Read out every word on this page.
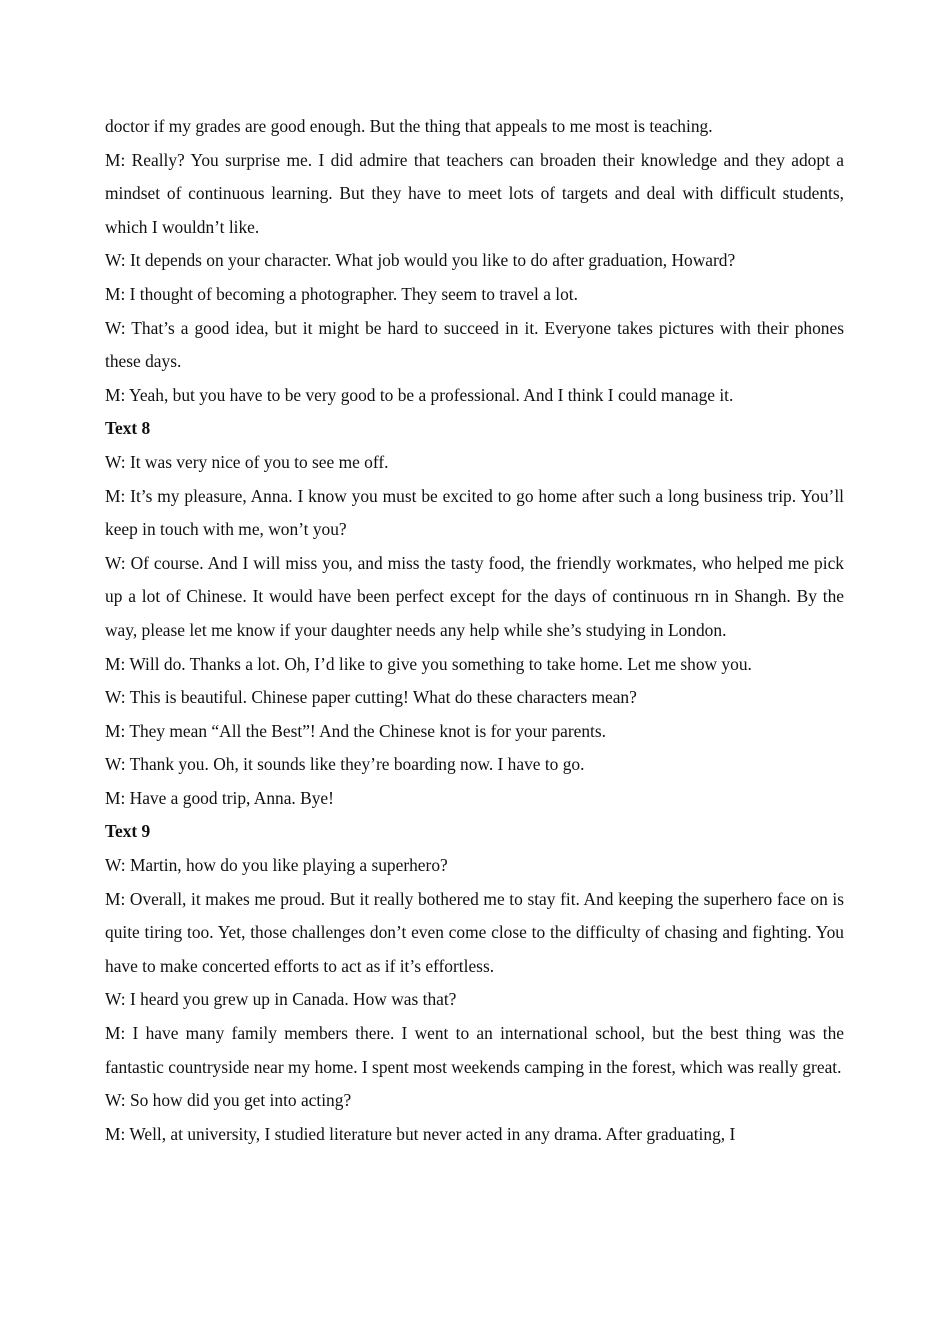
doctor if my grades are good enough. But the thing that appeals to me most is teaching.

M: Really? You surprise me. I did admire that teachers can broaden their knowledge and they adopt a mindset of continuous learning. But they have to meet lots of targets and deal with difficult students, which I wouldn’t like.

W: It depends on your character. What job would you like to do after graduation, Howard?

M: I thought of becoming a photographer. They seem to travel a lot.

W: That’s a good idea, but it might be hard to succeed in it. Everyone takes pictures with their phones these days.

M: Yeah, but you have to be very good to be a professional. And I think I could manage it.

Text 8

W: It was very nice of you to see me off.

M: It’s my pleasure, Anna. I know you must be excited to go home after such a long business trip. You’ll keep in touch with me, won’t you?

W: Of course. And I will miss you, and miss the tasty food, the friendly workmates, who helped me pick up a lot of Chinese. It would have been perfect except for the days of continuous rn in Shangh. By the way, please let me know if your daughter needs any help while she’s studying in London.

M: Will do. Thanks a lot. Oh, I’d like to give you something to take home. Let me show you.

W: This is beautiful. Chinese paper cutting! What do these characters mean?

M: They mean “All the Best”! And the Chinese knot is for your parents.

W: Thank you. Oh, it sounds like they’re boarding now. I have to go.

M: Have a good trip, Anna. Bye!

Text 9

W: Martin, how do you like playing a superhero?

M: Overall, it makes me proud. But it really bothered me to stay fit. And keeping the superhero face on is quite tiring too. Yet, those challenges don’t even come close to the difficulty of chasing and fighting. You have to make concerted efforts to act as if it’s effortless.

W: I heard you grew up in Canada. How was that?

M: I have many family members there. I went to an international school, but the best thing was the fantastic countryside near my home. I spent most weekends camping in the forest, which was really great.

W: So how did you get into acting?

M: Well, at university, I studied literature but never acted in any drama. After graduating, I
